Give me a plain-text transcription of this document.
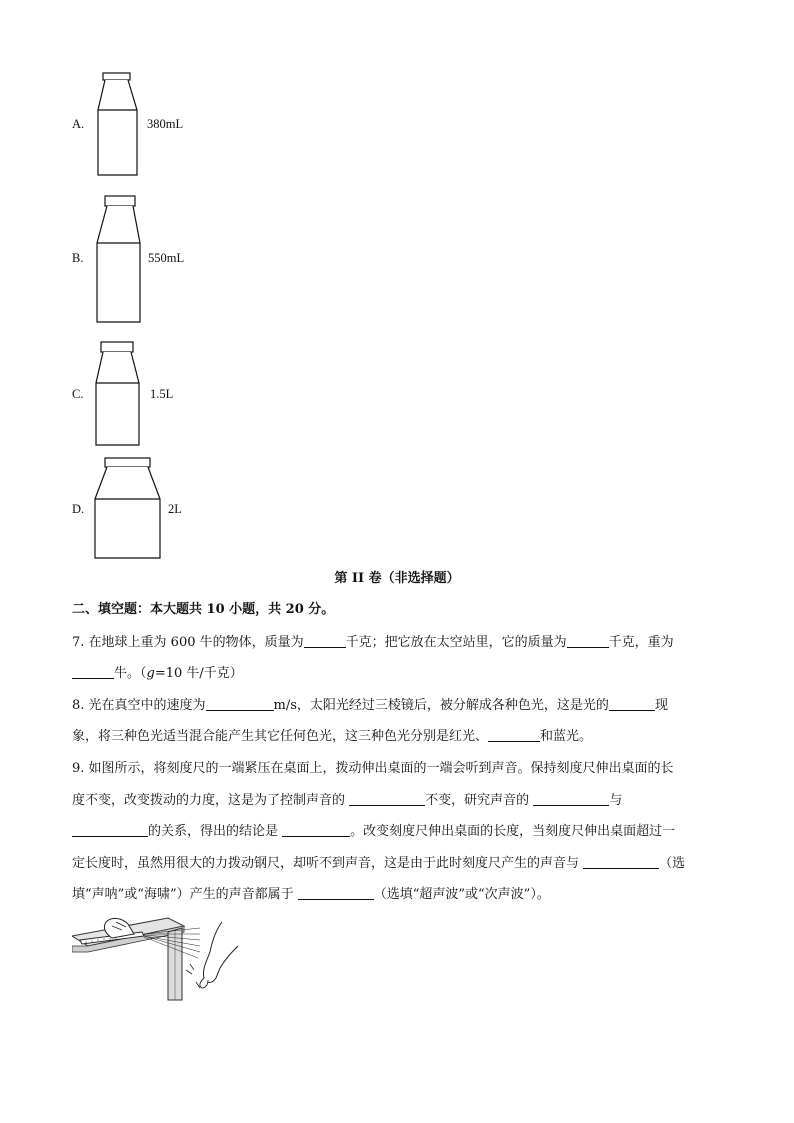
A.	380mL
B.	550mL
C.	1.5L
D.	2L
第 II 卷（非选择题）
二、填空题：本大题共 10 小题，共 20 分。
7. 在地球上重为 600 牛的物体，质量为	千克；把它放在太空站里，它的质量为	千克，重为
牛。（g=10 牛/千克）
8. 光在真空中的速度为	m/s，太阳光经过三棱镜后，被分解成各种色光，这是光的	现
象，将三种色光适当混合能产生其它任何色光，这三种色光分别是红光、	和蓝光。
9. 如图所示，将刻度尺的一端紧压在桌面上，拨动伸出桌面的一端会听到声音。保持刻度尺伸出桌面的长
度不变，改变拨动的力度，这是为了控制声音的	不变，研究声音的	与
的关系，得出的结论是	。改变刻度尺伸出桌面的长度，当刻度尺伸出桌面超过一
定长度时，虽然用很大的力拨动钢尺，却听不到声音，这是由于此时刻度尺产生的声音与	（选
填“声呐”或“海啸”）产生的声音都属于	（选填“超声波”或“次声波”）。
